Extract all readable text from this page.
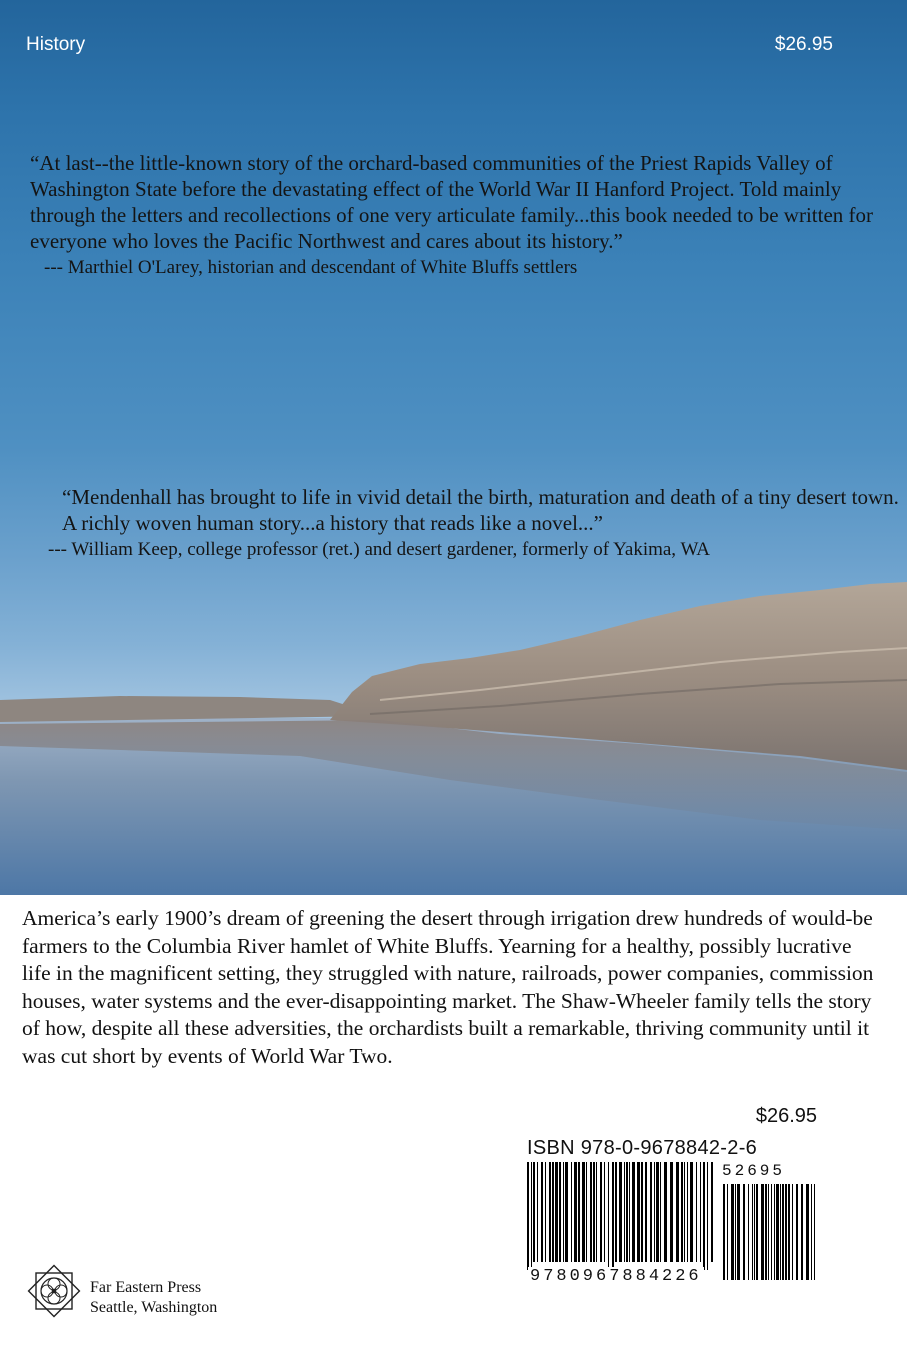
History	$26.95

“At last--the little-known story of the orchard-based communities of the Priest Rapids Valley of Washington State before the devastating effect of the World War II Hanford Project. Told mainly through the letters and recollections of one very articulate family...this book needed to be written for everyone who loves the Pacific Northwest and cares about its history.”

--- Marthiel O'Larey, historian and descendant of White Bluffs settlers

“Mendenhall has brought to life in vivid detail the birth, maturation and death of a tiny desert town. A richly woven human story...a history that reads like a novel...”

--- William Keep, college professor (ret.) and desert gardener, formerly of Yakima, WA

America’s early 1900’s dream of greening the desert through irrigation drew hundreds of would-be farmers to the Columbia River hamlet of White Bluffs. Yearning for a healthy, possibly lucrative life in the magnificent setting, they struggled with nature, railroads, power companies, commission houses, water systems and the ever-disappointing market. The Shaw-Wheeler family tells the story of how, despite all these adversities, the orchardists built a remarkable, thriving community until it was cut short by events of World War Two.

$26.95
ISBN 978-0-9678842-2-6
52695
9780967884226
Far Eastern Press
Seattle, Washington
